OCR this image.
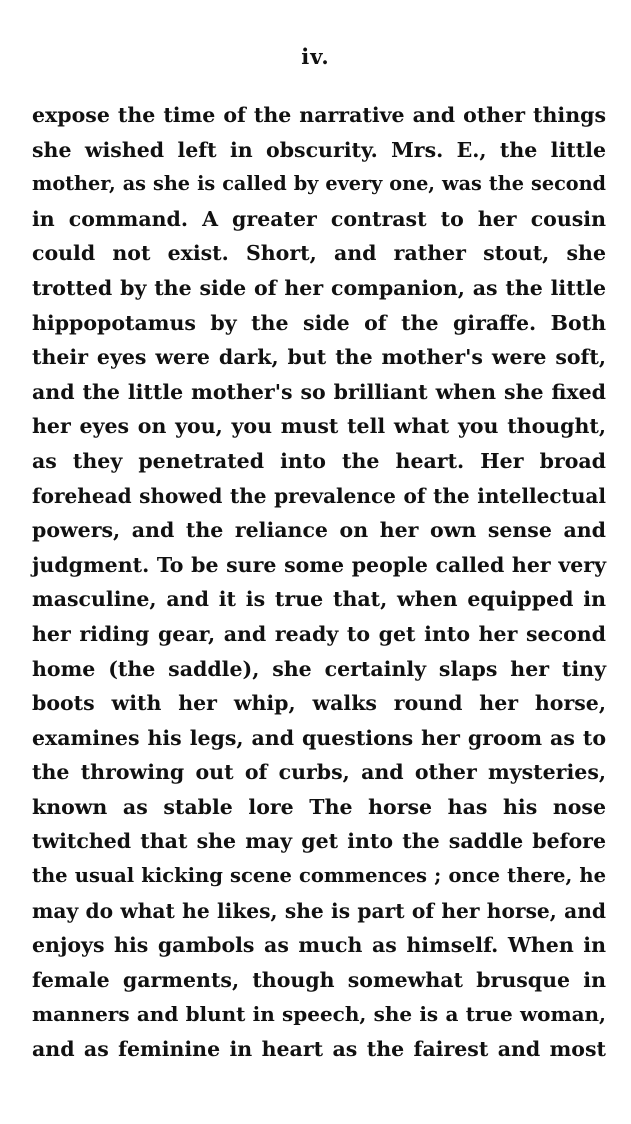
iv.
expose the time of the narrative and other things
she wished left in obscurity. Mrs. E., the little
mother, as she is called by every one, was the second
in command. A greater contrast to her cousin
could not exist. Short, and rather stout, she
trotted by the side of her companion, as the little
hippopotamus by the side of the giraffe. Both
their eyes were dark, but the mother's were soft,
and the little mother's so brilliant when she fixed
her eyes on you, you must tell what you thought,
as they penetrated into the heart. Her broad
forehead showed the prevalence of the intellectual
powers, and the reliance on her own sense and
judgment. To be sure some people called her very
masculine, and it is true that, when equipped in
her riding gear, and ready to get into her second
home (the saddle), she certainly slaps her tiny
boots with her whip, walks round her horse,
examines his legs, and questions her groom as to
the throwing out of curbs, and other mysteries,
known as stable lore The horse has his nose
twitched that she may get into the saddle before
the usual kicking scene commences ; once there, he
may do what he likes, she is part of her horse, and
enjoys his gambols as much as himself. When in
female garments, though somewhat brusque in
manners and blunt in speech, she is a true woman,
and as feminine in heart as the fairest and most
